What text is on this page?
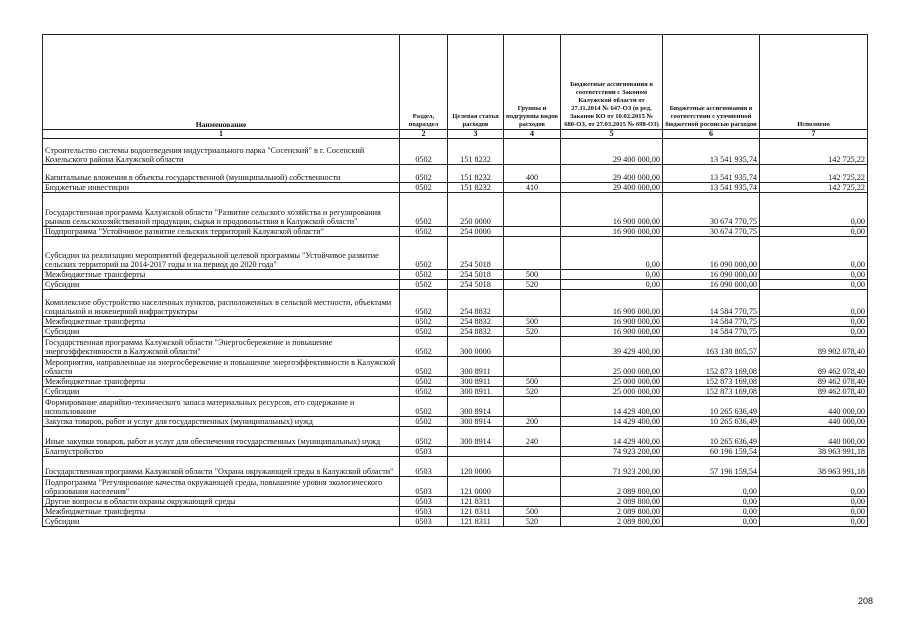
Наименование	Раздел, подраздел	Целевая статья расходов	Группы и подгруппы видов расходов	Бюджетные ассигнования в соответствии с Законом Калужской области от 27.11.2014 № 647-ОЗ (в ред. Законов КО от 10.02.2015 № 680-ОЗ, от 27.03.2015 № 698-ОЗ)	Бюджетные ассигнования в соответствии с уточненной бюджетной росписью расходов	Исполнено
1	2	3	4	5	6	7
Строительство системы водоотведения индустриального парка "Сосенский" в г. Сосенский Козельского района Калужской области	0502	151 8232		29 400 000,00	13 541 935,74	142 725,22
Капитальные вложения в объекты государственной (муниципальной) собственности	0502	151 8232	400	29 400 000,00	13 541 935,74	142 725,22
Бюджетные инвестиции	0502	151 8232	410	29 400 000,00	13 541 935,74	142 725,22
Государственная программа Калужской области "Развитие сельского хозяйства и регулирования рынков сельскохозяйственной продукции, сырья и продовольствия в Калужской области"	0502	250 0000		16 900 000,00	30 674 770,75	0,00
Подпрограмма "Устойчивое развитие сельских территорий Калужской области"	0502	254 0000		16 900 000,00	30 674 770,75	0,00
Субсидии на реализацию мероприятий федеральной целевой программы "Устойчивое развитие сельских территорий на 2014-2017 годы и на период до 2020 года"	0502	254 5018		0,00	16 090 000,00	0,00
Межбюджетные трансферты	0502	254 5018	500	0,00	16 090 000,00	0,00
Субсидии	0502	254 5018	520	0,00	16 090 000,00	0,00
Комплексное обустройство населенных пунктов, расположенных в сельской местности, объектами социальной и инженерной инфраструктуры	0502	254 8832		16 900 000,00	14 584 770,75	0,00
Межбюджетные трансферты	0502	254 8832	500	16 900 000,00	14 584 770,75	0,00
Субсидии	0502	254 8832	520	16 900 000,00	14 584 770,75	0,00
Государственная программа Калужской области "Энергосбережение и повышение энергоэффективности в Калужской области"	0502	300 0000		39 429 400,00	163 138 805,57	89 902 078,40
Мероприятия, направленные на энергосбережение и повышение энергоэффективности в Калужской области	0502	300 8911		25 000 000,00	152 873 169,08	89 462 078,40
Межбюджетные трансферты	0502	300 8911	500	25 000 000,00	152 873 169,08	89 462 078,40
Субсидии	0502	300 8911	520	25 000 000,00	152 873 169,08	89 462 078,40
Формирование аварийно-технического запаса материальных ресурсов, его содержание и использование	0502	300 8914		14 429 400,00	10 265 636,49	440 000,00
Закупка товаров, работ и услуг для государственных (муниципальных) нужд	0502	300 8914	200	14 429 400,00	10 265 636,49	440 000,00
Иные закупки товаров, работ и услуг для обеспечения государственных (муниципальных) нужд	0502	300 8914	240	14 429 400,00	10 265 636,49	440 000,00
Благоустройство	0503			74 923 200,00	60 196 159,54	38 963 991,18
Государственная программа Калужской области "Охрана окружающей среды в Калужской области"	0503	120 0000		71 923 200,00	57 196 159,54	38 963 991,18
Подпрограмма "Регулирование качества окружающей среды, повышение уровня экологического образования населения"	0503	121 0000		2 089 800,00	0,00	0,00
Другие вопросы в области охраны окружающей среды	0503	121 8311		2 089 800,00	0,00	0,00
Межбюджетные трансферты	0503	121 8311	500	2 089 800,00	0,00	0,00
Субсидии	0503	121 8311	520	2 089 800,00	0,00	0,00
208
